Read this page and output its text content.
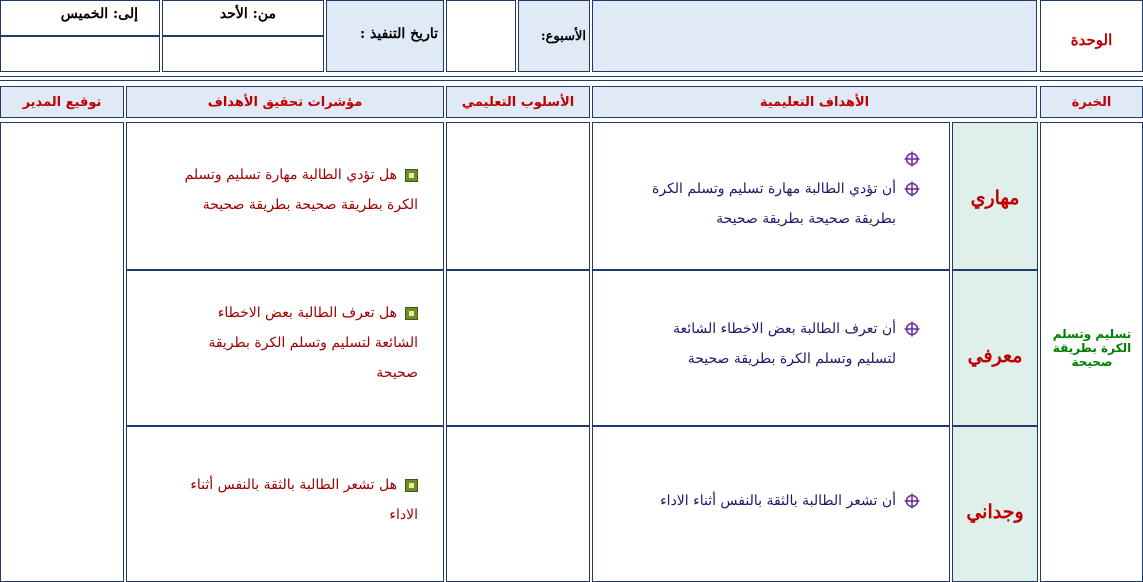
الوحدة
الأسبوع:
تاريخ التنفيذ :
من: الأحد
إلى: الخميس
الخبرة
الأهداف التعليمية
الأسلوب التعليمي
مؤشرات تحقيق الأهداف
توقيع المدير
تسليم وتسلم الكرة بطريقة صحيحة
مهاري
أن تؤدي الطالبة مهارة تسليم وتسلم الكرة
بطريقة صحيحة بطريقة صحيحة
هل تؤدي الطالبة مهارة تسليم وتسلم
الكرة بطريقة صحيحة بطريقة صحيحة
معرفي
أن تعرف الطالبة بعض الاخطاء الشائعة
لتسليم وتسلم الكرة بطريقة صحيحة
هل تعرف الطالبة بعض الاخطاء
الشائعة لتسليم وتسلم الكرة بطريقة
صحيحة
وجداني
أن تشعر الطالبة بالثقة بالنفس أثناء الاداء
هل تشعر الطالبة بالثقة بالنفس أثناء
الاداء
